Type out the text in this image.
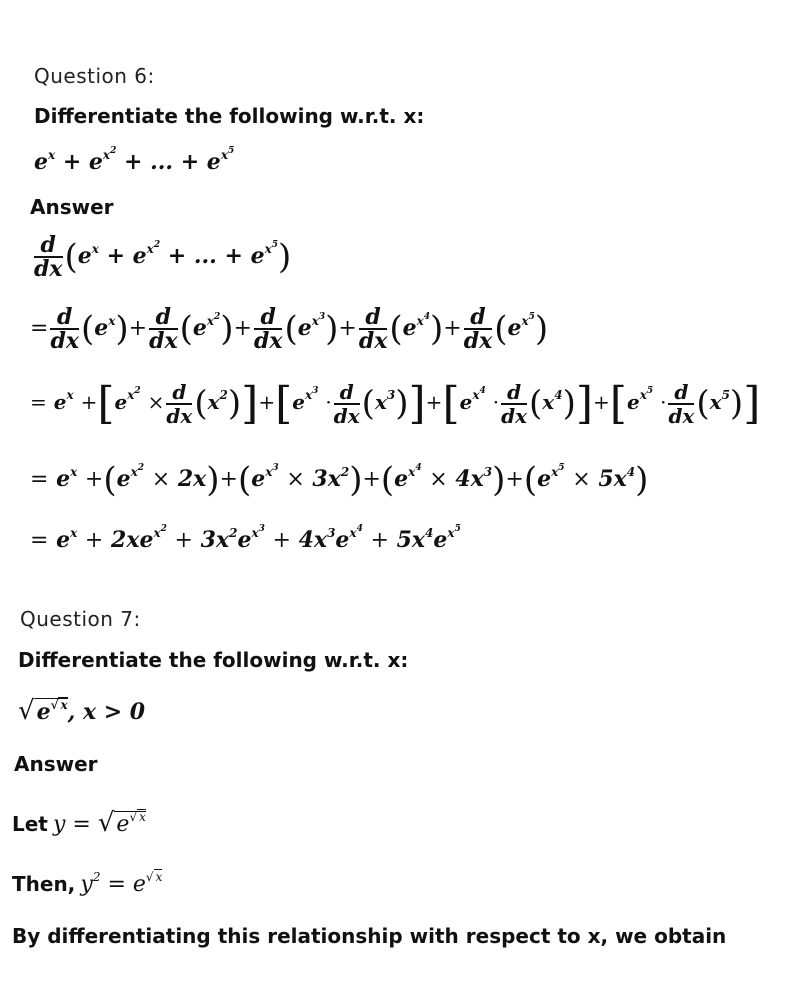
Question 6:
Differentiate the following w.r.t. x:
$e^x + e^{x^2}$ + ... + $e^{x^5}$
Answer
$\frac{d}{dx} (e^x + e^{x^2}$ + ... + $e^{x^5}$)
= $\frac{d}{dx} (e^x)+ \frac{d}{dx} (e^{x^2})+ \frac{d}{dx} (e^{x^3})+ \frac{d}{dx} (e^{x^4})+ \frac{d}{dx} (e^{x^5})$
= $e^x +[e^{x^2} \times \frac{d}{dx} (x^2)]+[e^{x^3} \cdot \frac{d}{dx} (x^3)]+[e^{x^4} \cdot \frac{d}{dx} (x^4)]+[e^{x^5} \cdot \frac{d}{dx} (x^5)]$
= $e^x +(e^{x^2} \times 2x)+(e^{x^3} \times 3x^2)+(e^{x^4} \times 4x^3)+(e^{x^5} \times 5x^4)$
= $e^x + 2xe^{x^2} + 3x^2e^{x^3} + 4x^3e^{x^4} + 5x^4e^{x^5}$
Question 7:
Differentiate the following w.r.t. x:
$√e^{√ x}$, x > 0
Answer
Let $y = √e^{√ x}$
Then, $y^2 = e^{√ x}$
By differentiating this relationship with respect to x, we obtain
